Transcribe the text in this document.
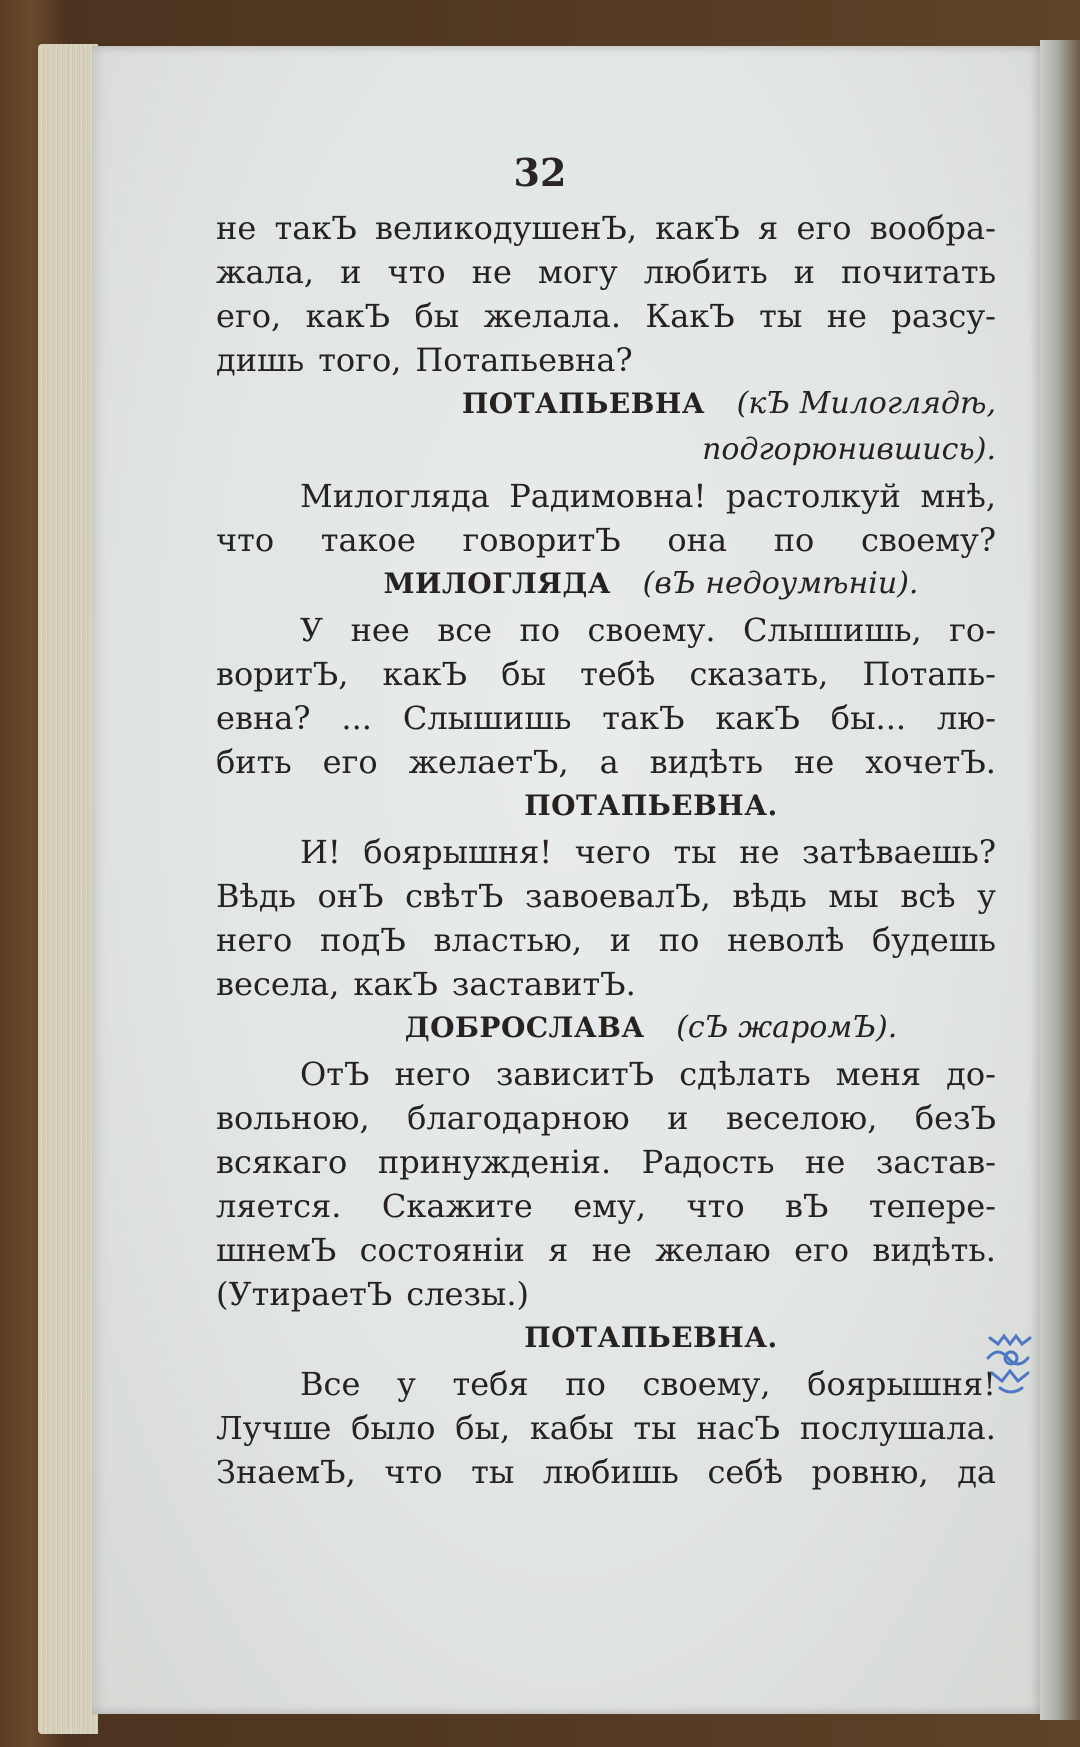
32
не такЪ великодушенЪ, какЪ я его вообра-
жала, и что не могу любить и почитать
его, какЪ бы желала. КакЪ ты не разсу-
дишь того, Потапьевна?
ПОТАПЬЕВНА (кЪ Милоглядѣ,
подгорюнившись).
Милогляда Радимовна! растолкуй мнѣ,
что такое говоритЪ она по своему?
МИЛОГЛЯДА (вЪ недоумѣніи).
У нее все по своему. Слышишь, го-
воритЪ, какЪ бы тебѣ сказать, Потапь-
евна? ... Слышишь такЪ какЪ бы... лю-
бить его желаетЪ, а видѣть не хочетЪ.
ПОТАПЬЕВНА.
И! боярышня! чего ты не затѣваешь?
Вѣдь онЪ свѣтЪ завоевалЪ, вѣдь мы всѣ у
него подЪ властью, и по неволѣ будешь
весела, какЪ заставитЪ.
ДОБРОСЛАВА (сЪ жаромЪ).
ОтЪ него зависитЪ сдѣлать меня до-
вольною, благодарною и веселою, безЪ
всякаго принужденія. Радость не застав-
ляется. Скажите ему, что вЪ теперe-
шнемЪ состояніи я не желаю его видѣть.
(УтираетЪ слезы.)
ПОТАПЬЕВНА.
Все у тебя по своему, боярышня!
Лучше было бы, кабы ты насЪ послушала.
ЗнаемЪ, что ты любишь себѣ ровню, да
